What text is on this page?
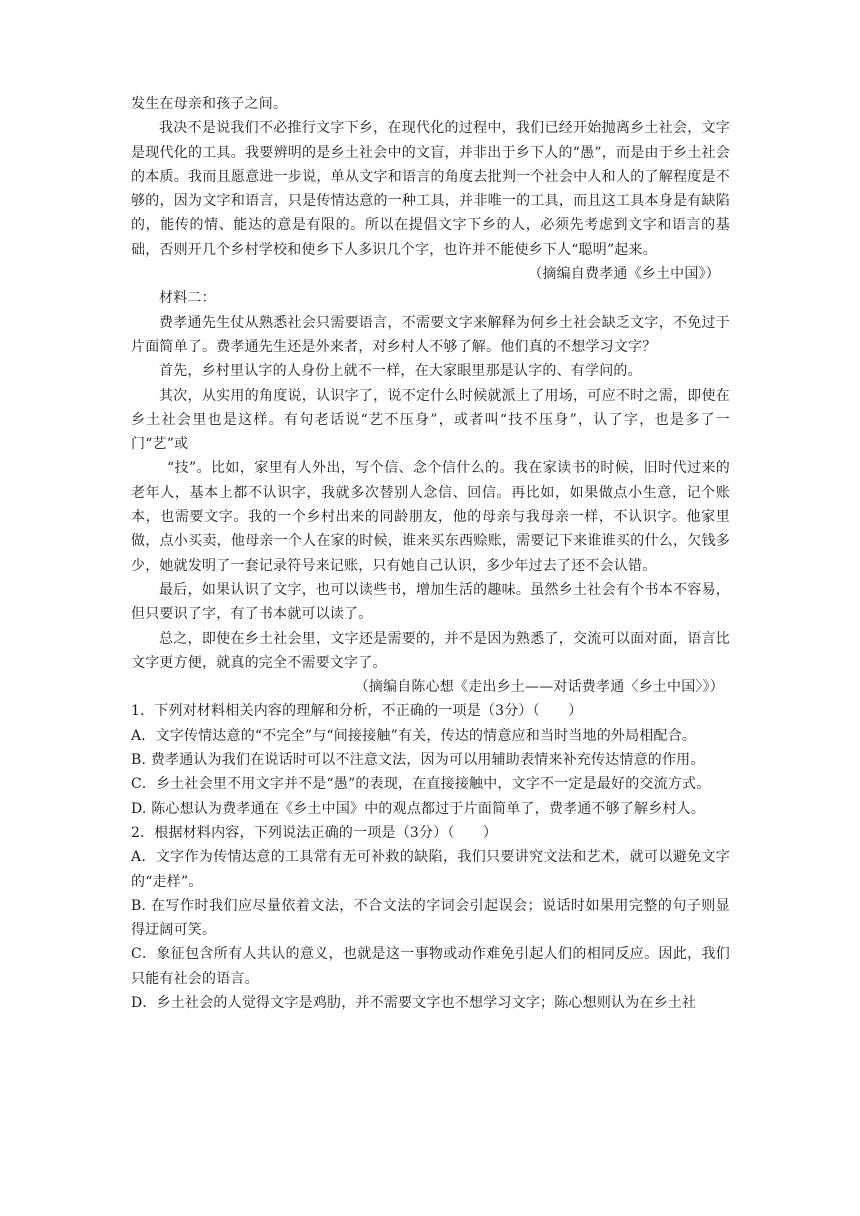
发生在母亲和孩子之间。

我决不是说我们不必推行文字下乡，在现代化的过程中，我们已经开始抛离乡土社会，文字是现代化的工具。我要辨明的是乡土社会中的文盲，并非出于乡下人的“愚”，而是由于乡土社会的本质。我而且愿意进一步说，单从文字和语言的角度去批判一个社会中人和人的了解程度是不够的，因为文字和语言，只是传情达意的一种工具，并非唯一的工具，而且这工具本身是有缺陷的，能传的情、能达的意是有限的。所以在提倡文字下乡的人，必须先考虑到文字和语言的基础，否则开几个乡村学校和使乡下人多识几个字，也许并不能使乡下人“聪明”起来。

（摘编自费孝通《乡土中国》）

材料二：

费孝通先生仗从熟悉社会只需要语言，不需要文字来解释为何乡土社会缺乏文字，不免过于片面简单了。费孝通先生还是外来者，对乡村人不够了解。他们真的不想学习文字？

首先，乡村里认字的人身份上就不一样，在大家眼里那是认字的、有学问的。

其次，从实用的角度说，认识字了，说不定什么时候就派上了用场，可应不时之需，即使在乡土社会里也是这样。有句老话说“艺不压身”，或者叫“技不压身”，认了字，也是多了一门“艺”或

“技”。比如，家里有人外出，写个信、念个信什么的。我在家读书的时候，旧时代过来的老年人，基本上都不认识字，我就多次替别人念信、回信。再比如，如果做点小生意，记个账本，也需要文字。我的一个乡村出来的同龄朋友，他的母亲与我母亲一样，不认识字。他家里做，点小买卖，他母亲一个人在家的时候，谁来买东西赊账，需要记下来谁谁买的什么，欠钱多少，她就发明了一套记录符号来记账，只有她自己认识，多少年过去了还不会认错。

最后，如果认识了文字，也可以读些书，增加生活的趣味。虽然乡土社会有个书本不容易，但只要识了字，有了书本就可以读了。

总之，即使在乡土社会里，文字还是需要的，并不是因为熟悉了，交流可以面对面，语言比文字更方便，就真的完全不需要文字了。

（摘编自陈心想《走出乡土——对话费孝通〈乡土中国〉》）

1．下列对材料相关内容的理解和分析，不正确的一项是（3分）（　　）

A．文字传情达意的“不完全”与“间接接触”有关，传达的情意应和当时当地的外局相配合。

B. 费孝通认为我们在说话时可以不注意文法，因为可以用辅助表情来补充传达情意的作用。

C．乡土社会里不用文字并不是“愚”的表现，在直接接触中，文字不一定是最好的交流方式。

D. 陈心想认为费孝通在《乡土中国》中的观点都过于片面简单了，费孝通不够了解乡村人。

2．根据材料内容，下列说法正确的一项是（3分）（　　）

A．文字作为传情达意的工具常有无可补救的缺陷，我们只要讲究文法和艺术，就可以避免文字的“走样”。

B. 在写作时我们应尽量依着文法，不合文法的字词会引起误会；说话时如果用完整的句子则显得迂阔可笑。

C．象征包含所有人共认的意义，也就是这一事物或动作难免引起人们的相同反应。因此，我们只能有社会的语言。

D．乡土社会的人觉得文字是鸡肋，并不需要文字也不想学习文字；陈心想则认为在乡土社
